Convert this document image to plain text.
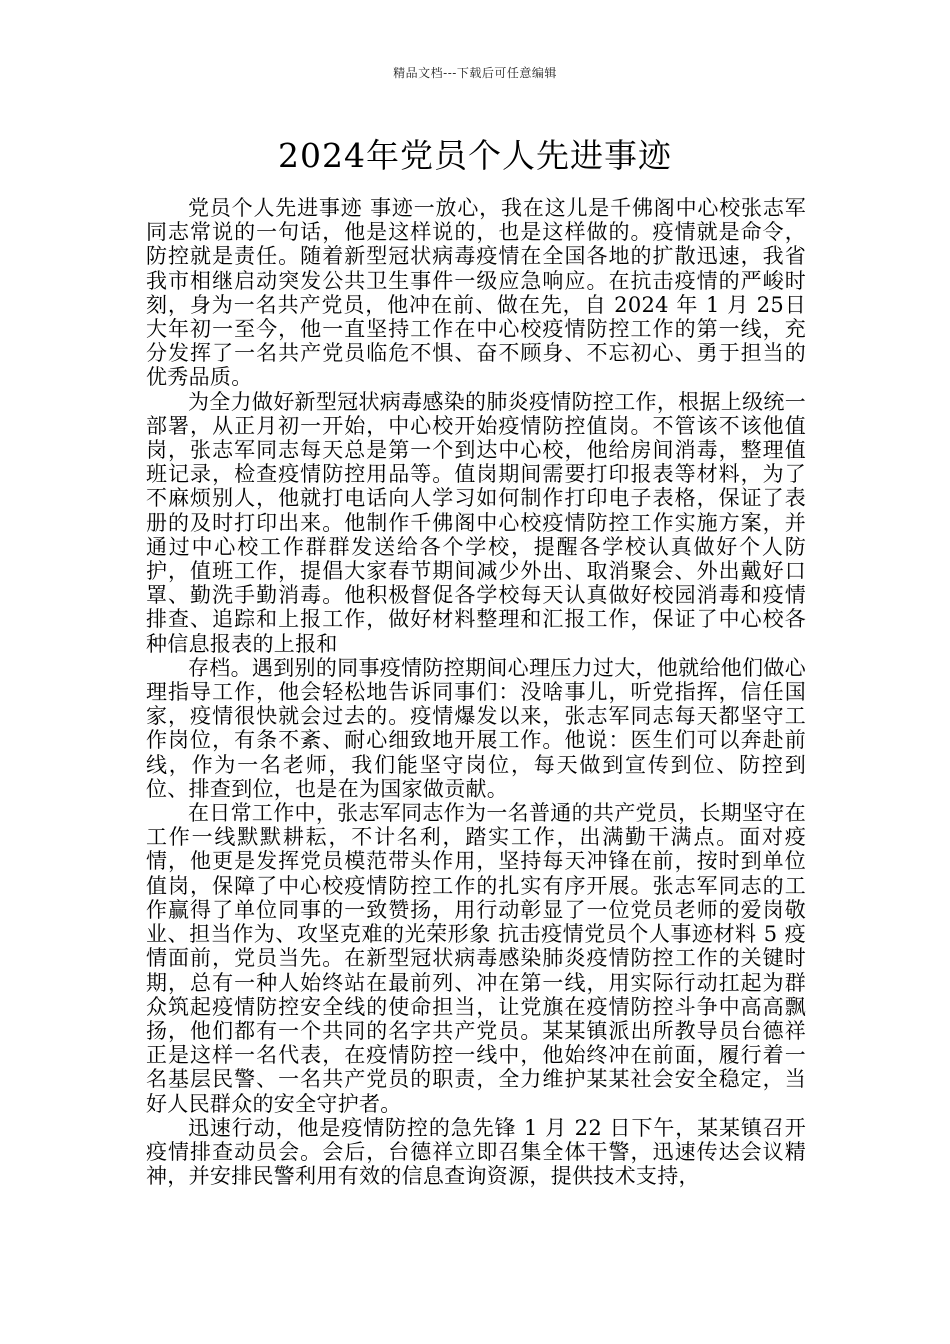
精品文档---下载后可任意编辑
2024年党员个人先进事迹

党员个人先进事迹 事迹一放心，我在这儿是千佛阁中心校张志军同志常说的一句话，他是这样说的，也是这样做的。疫情就是命令，防控就是责任。随着新型冠状病毒疫情在全国各地的扩散迅速，我省我市相继启动突发公共卫生事件一级应急响应。在抗击疫情的严峻时刻，身为一名共产党员，他冲在前、做在先，自 2024 年 1 月 25日大年初一至今，他一直坚持工作在中心校疫情防控工作的第一线，充分发挥了一名共产党员临危不惧、奋不顾身、不忘初心、勇于担当的优秀品质。

为全力做好新型冠状病毒感染的肺炎疫情防控工作，根据上级统一部署，从正月初一开始，中心校开始疫情防控值岗。不管该不该他值岗，张志军同志每天总是第一个到达中心校，他给房间消毒，整理值班记录，检查疫情防控用品等。值岗期间需要打印报表等材料，为了不麻烦别人，他就打电话向人学习如何制作打印电子表格，保证了表册的及时打印出来。他制作千佛阁中心校疫情防控工作实施方案，并通过中心校工作群群发送给各个学校，提醒各学校认真做好个人防护，值班工作，提倡大家春节期间减少外出、取消聚会、外出戴好口罩、勤洗手勤消毒。他积极督促各学校每天认真做好校园消毒和疫情排查、追踪和上报工作，做好材料整理和汇报工作，保证了中心校各种信息报表的上报和

存档。遇到别的同事疫情防控期间心理压力过大，他就给他们做心理指导工作，他会轻松地告诉同事们：没啥事儿，听党指挥，信任国家，疫情很快就会过去的。疫情爆发以来，张志军同志每天都坚守工作岗位，有条不紊、耐心细致地开展工作。他说：医生们可以奔赴前线，作为一名老师，我们能坚守岗位，每天做到宣传到位、防控到位、排查到位，也是在为国家做贡献。

在日常工作中，张志军同志作为一名普通的共产党员，长期坚守在工作一线默默耕耘，不计名利，踏实工作，出满勤干满点。面对疫情，他更是发挥党员模范带头作用，坚持每天冲锋在前，按时到单位值岗，保障了中心校疫情防控工作的扎实有序开展。张志军同志的工作赢得了单位同事的一致赞扬，用行动彰显了一位党员老师的爱岗敬业、担当作为、攻坚克难的光荣形象 抗击疫情党员个人事迹材料 5 疫情面前，党员当先。在新型冠状病毒感染肺炎疫情防控工作的关键时期，总有一种人始终站在最前列、冲在第一线，用实际行动扛起为群众筑起疫情防控安全线的使命担当，让党旗在疫情防控斗争中高高飘扬，他们都有一个共同的名字共产党员。某某镇派出所教导员台德祥正是这样一名代表，在疫情防控一线中，他始终冲在前面，履行着一名基层民警、一名共产党员的职责，全力维护某某社会安全稳定，当好人民群众的安全守护者。

迅速行动，他是疫情防控的急先锋 1 月 22 日下午，某某镇召开疫情排查动员会。会后，台德祥立即召集全体干警，迅速传达会议精神，并安排民警利用有效的信息查询资源，提供技术支持，
